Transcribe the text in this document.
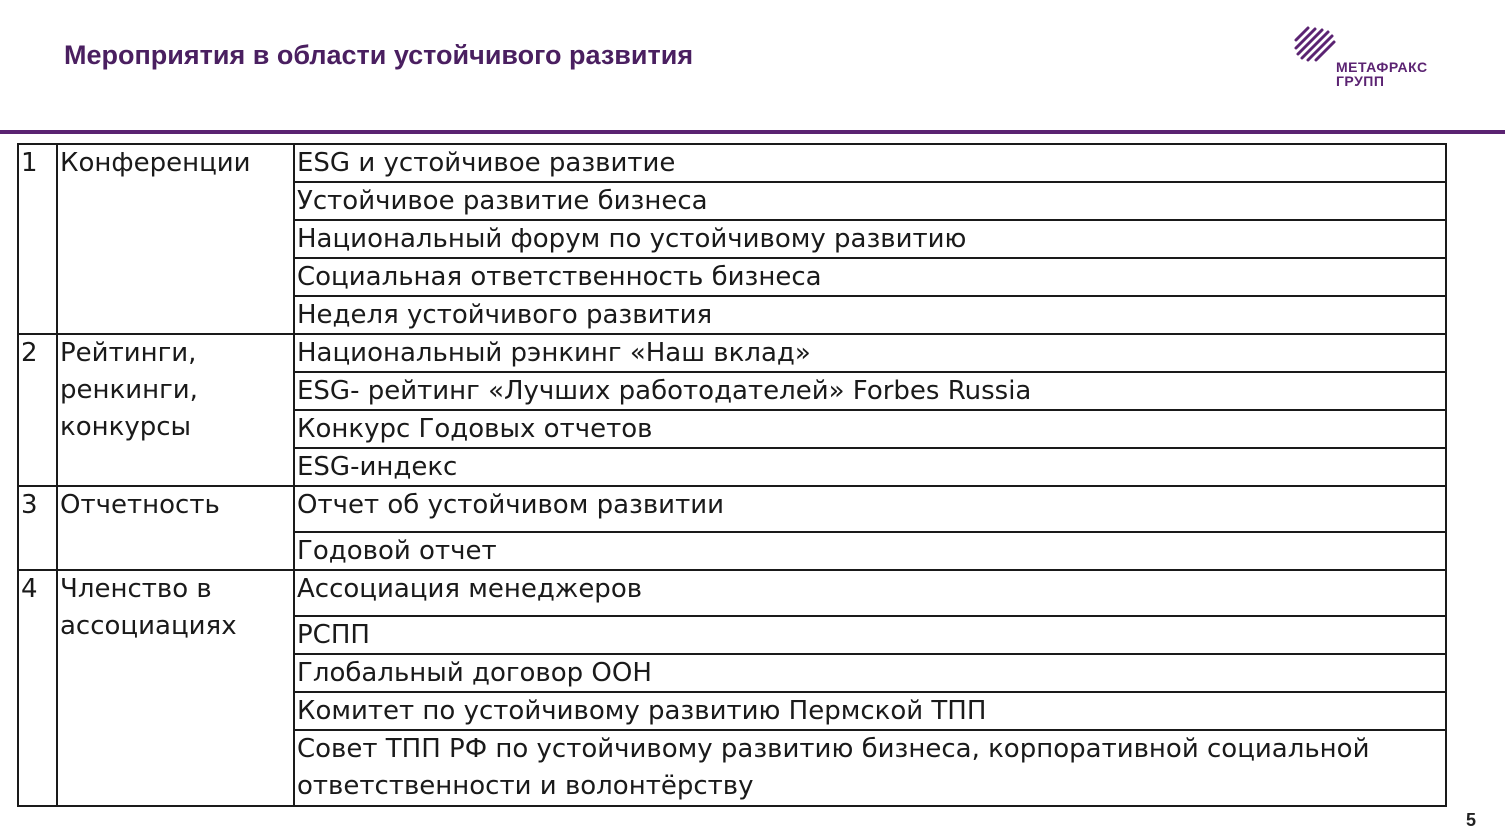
Мероприятия в области устойчивого развития	МЕТАФРАКС
ГРУПП
1	Конференции	ESG и устойчивое развитие
		Устойчивое развитие бизнеса
		Национальный форум по устойчивому развитию
		Социальная ответственность бизнеса
		Неделя устойчивого развития
2	Рейтинги, ренкинги, конкурсы	Национальный рэнкинг «Наш вклад»
		ESG- рейтинг «Лучших работодателей» Forbes Russia
		Конкурс Годовых отчетов
		ESG-индекс
3	Отчетность	Отчет об устойчивом развитии
		Годовой отчет
4	Членство в ассоциациях	Ассоциация менеджеров
		РСПП
		Глобальный договор ООН
		Комитет по устойчивому развитию Пермской ТПП
		Совет ТПП РФ по устойчивому развитию бизнеса, корпоративной социальной ответственности и волонтёрству
5
